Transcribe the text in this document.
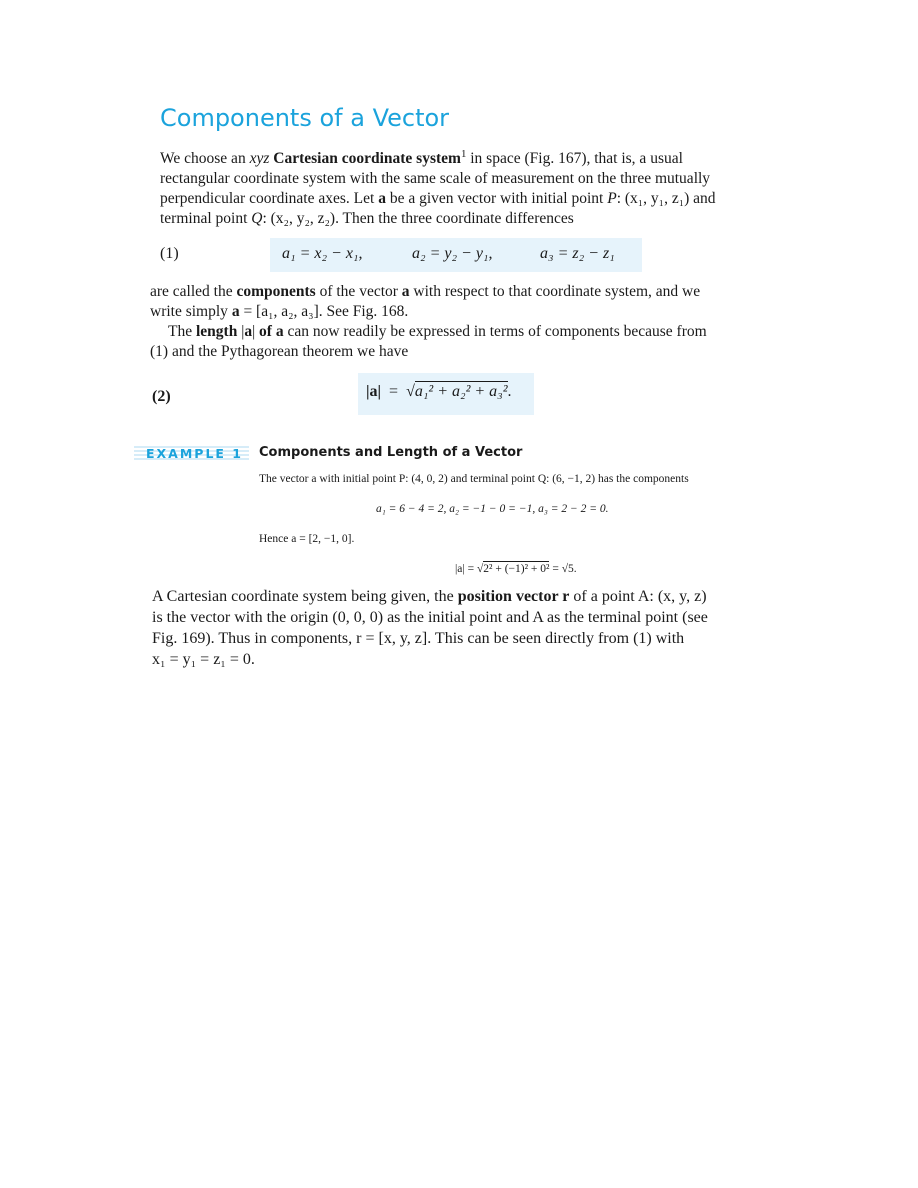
Components of a Vector
We choose an xyz Cartesian coordinate system$^1$ in space (Fig. 167), that is, a usual
rectangular coordinate system with the same scale of measurement on the three mutually
perpendicular coordinate axes. Let a be a given vector with initial point P: (x₁, y₁, z₁) and
terminal point Q: (x₂, y₂, z₂). Then the three coordinate differences
(1)	a₁ = x₂ − x₁,	a₂ = y₂ − y₁,	a₃ = z₂ − z₁
are called the components of the vector a with respect to that coordinate system, and we
write simply a = [a₁, a₂, a₃]. See Fig. 168.
The length |a| of a can now readily be expressed in terms of components because from
(1) and the Pythagorean theorem we have
(2)	|a| = √a₁² + a₂² + a₃².
EXAMPLE 1	Components and Length of a Vector
The vector a with initial point P: (4, 0, 2) and terminal point Q: (6, −1, 2) has the components
a₁ = 6 − 4 = 2, a₂ = −1 − 0 = −1, a₃ = 2 − 2 = 0.
Hence a = [2, −1, 0].
|a| = √2² + (−1)² + 0² = √5.
A Cartesian coordinate system being given, the position vector r of a point A: (x, y, z)
is the vector with the origin (0, 0, 0) as the initial point and A as the terminal point (see
Fig. 169). Thus in components, r = [x, y, z]. This can be seen directly from (1) with
x₁ = y₁ = z₁ = 0.
